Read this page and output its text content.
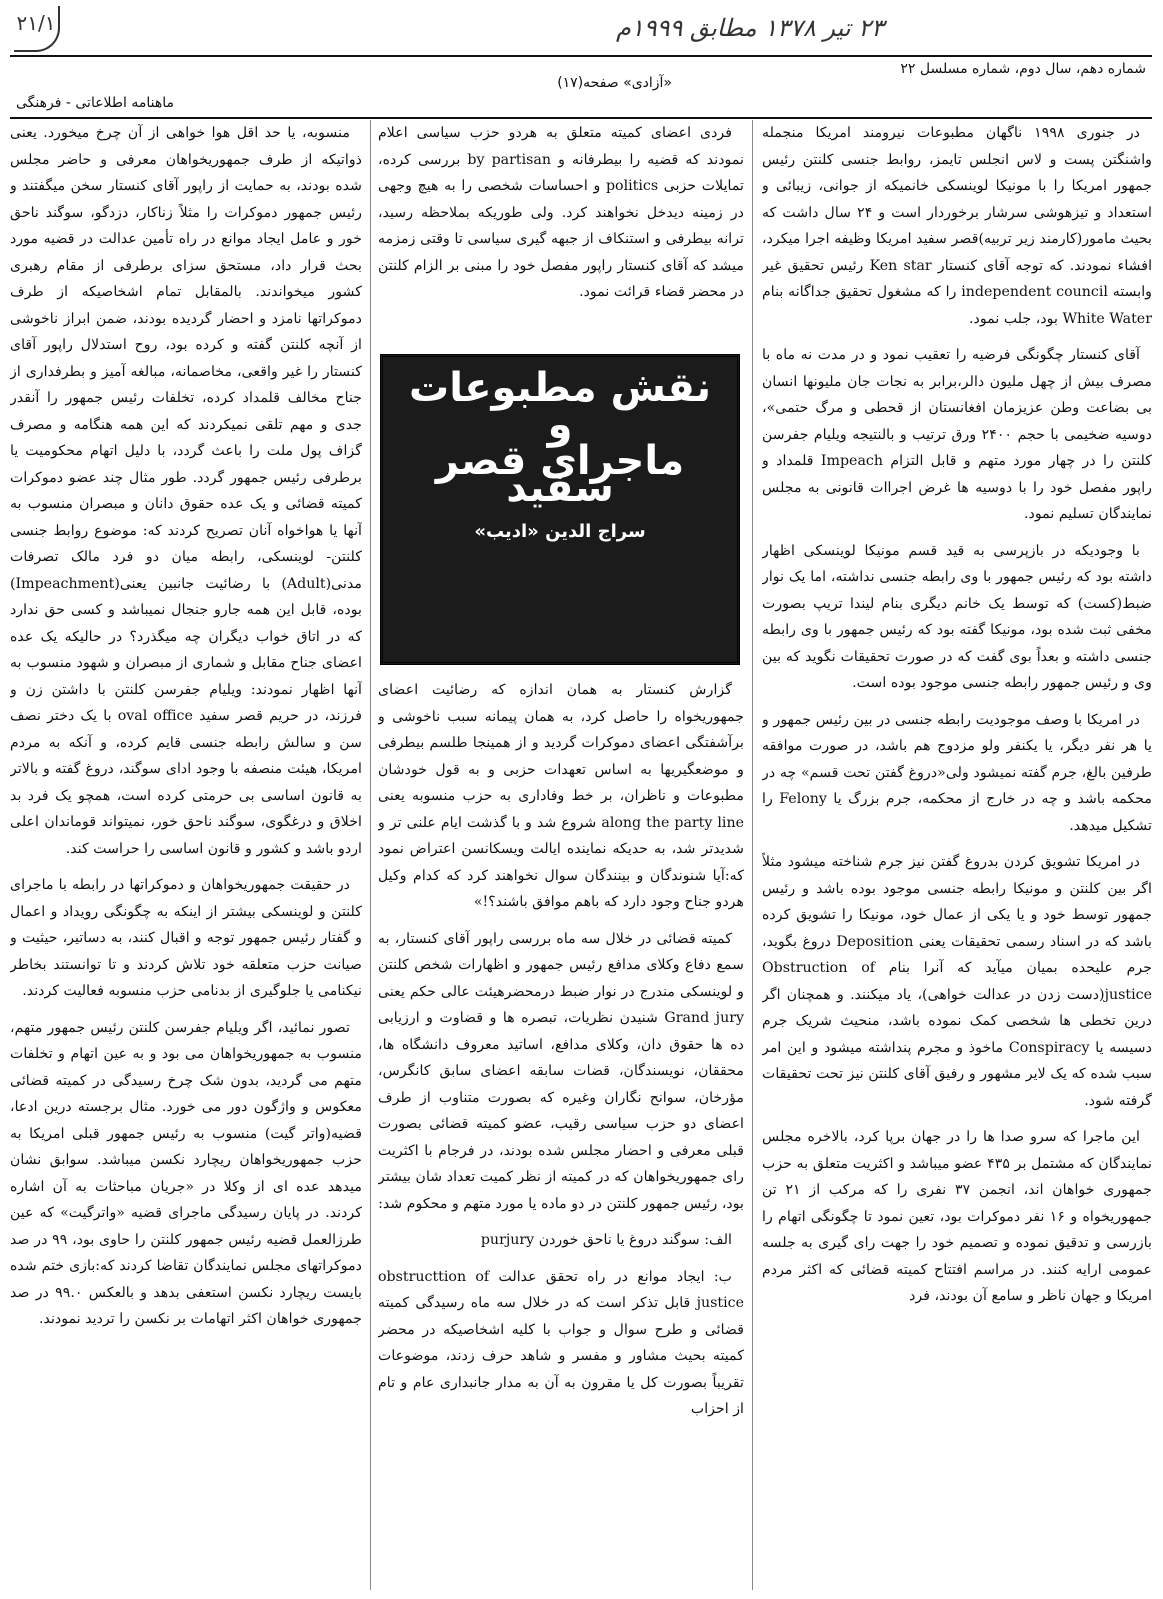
۲۳ تیر ۱۳۷۸ مطابق ۱۹۹۹م
۲۱/۱
شماره دهم، سال دوم، شماره مسلسل ۲۲
«آزادی» صفحه(۱۷)
ماهنامه اطلاعاتی - فرهنگی

در جنوری ۱۹۹۸ ناگهان مطبوعات نیرومند امریکا منجمله واشنگتن پست و لاس انجلس تایمز، روابط جنسی کلنتن رئیس جمهور امریکا را با مونیکا لوینسکی خانمیکه از جوانی، زیبائی و استعداد و تیزهوشی سرشار برخوردار است و ۲۴ سال داشت که بحیث مامور(کارمند زیر تربیه)قصر سفید امریکا وظیفه اجرا میکرد، افشاء نمودند. که توجه آقای کنستار Ken star رئیس تحقیق غیر وابسته independent council را که مشغول تحقیق جداگانه بنام White Water بود، جلب نمود.

آقای کنستار چگونگی فرضیه را تعقیب نمود و در مدت نه ماه با مصرف بیش از چهل ملیون دالر،برابر به نجات جان ملیونها انسان بی بضاعت وطن عزیزمان افغانستان از قحطی و مرگ حتمی»، دوسیه ضخیمی با حجم ۲۴۰۰ ورق ترتیب و بالنتیجه ویلیام جفرسن کلنتن را در چهار مورد متهم و قابل التزام Impeach قلمداد و راپور مفصل خود را با دوسیه ها غرض اجراات قانونی به مجلس نمایندگان تسلیم نمود.

با وجودیکه در بازپرسی به قید قسم مونیکا لوینسکی اظهار داشته بود که رئیس جمهور با وی رابطه جنسی نداشته، اما یک نوار ضبط(کست) که توسط یک خانم دیگری بنام لیندا تریپ بصورت مخفی ثبت شده بود، مونیکا گفته بود که رئیس جمهور با وی رابطه جنسی داشته و بعداً بوی گفت که در صورت تحقیقات نگوید که بین وی و رئیس جمهور رابطه جنسی موجود بوده است.

در امریکا با وصف موجودیت رابطه جنسی در بین رئیس جمهور و یا هر نفر دیگر، یا یکنفر ولو مزدوج هم باشد، در صورت موافقه طرفین بالغ، جرم گفته نمیشود ولی«دروغ گفتن تحت قسم» چه در محکمه باشد و چه در خارج از محکمه، جرم بزرگ یا Felony را تشکیل میدهد.

در امریکا تشویق کردن بدروغ گفتن نیز جرم شناخته میشود مثلاً اگر بین کلنتن و مونیکا رابطه جنسی موجود بوده باشد و رئیس جمهور توسط خود و یا یکی از عمال خود، مونیکا را تشویق کرده باشد که در اسناد رسمی تحقیقات یعنی Deposition دروغ بگوید، جرم علیحده بمیان میآید که آنرا بنام Obstruction of justice(دست زدن در عدالت خواهی)، یاد میکنند. و همچنان اگر درین تخطی ها شخصی کمک نموده باشد، منحیث شریک جرم دسیسه یا Conspiracy ماخوذ و مجرم پنداشته میشود و این امر سبب شده که یک لایر مشهور و رفیق آقای کلنتن نیز تحت تحقیقات گرفته شود.

این ماجرا که سرو صدا ها را در جهان برپا کرد، بالاخره مجلس نمایندگان که مشتمل بر ۴۳۵ عضو میباشد و اکثریت متعلق به حزب جمهوری خواهان اند، انجمن ۳۷ نفری را که مرکب از ۲۱ تن جمهوریخواه و ۱۶ نفر دموکرات بود، تعین نمود تا چگونگی اتهام را بازرسی و تدقیق نموده و تصمیم خود را جهت رای گیری به جلسه عمومی ارایه کنند. در مراسم افتتاح کمیته قضائی که اکثر مردم امریکا و جهان ناظر و سامع آن بودند، فرد

فردی اعضای کمیته متعلق به هردو حزب سیاسی اعلام نمودند که قضیه را بیطرفانه و by partisan بررسی کرده، تمایلات حزبی politics و احساسات شخصی را به هیچ وجهی در زمینه دیدخل نخواهند کرد. ولی طوریکه بملاحظه رسید، ترانه بیطرفی و استنکاف از جبهه گیری سیاسی تا وقتی زمزمه میشد که آقای کنستار راپور مفصل خود را مبنی بر الزام کلنتن در محضر قضاء قرائت نمود.

نقش مطبوعات
و
ماجرای قصر سفید
سراج الدین «ادیب»

گزارش کنستار به همان اندازه که رضائیت اعضای جمهوریخواه را حاصل کرد، به همان پیمانه سبب ناخوشی و برآشفتگی اعضای دموکرات گردید و از همینجا طلسم بیطرفی و موضعگیریها به اساس تعهدات حزبی و به قول خودشان مطبوعات و ناظران، بر خط وفاداری به حزب منسوبه یعنی along the party line شروع شد و با گذشت ایام علنی تر و شدیدتر شد، به حدیکه نماینده ایالت ویسکانسن اعتراض نمود که:آیا شنوندگان و بینندگان سوال نخواهند کرد که کدام وکیل هردو جناح وجود دارد که باهم موافق باشند؟!»

کمیته قضائی در خلال سه ماه بررسی راپور آقای کنستار، به سمع دفاع وکلای مدافع رئیس جمهور و اظهارات شخص کلنتن و لوینسکی مندرج در نوار ضبط درمحضرهیئت عالی حکم یعنی Grand jury شنیدن نظریات، تبصره ها و قضاوت و ارزیابی ده ها حقوق دان، وکلای مدافع، اساتید معروف دانشگاه ها، محققان، نویسندگان، قضات سابقه اعضای سابق کانگرس، مؤرخان، سوانح نگاران وغیره که بصورت متناوب از طرف اعضای دو حزب سیاسی رقیب، عضو کمیته قضائی بصورت قبلی معرفی و احضار مجلس شده بودند، در فرجام با اکثریت رای جمهوریخواهان که در کمیته از نظر کمیت تعداد شان بیشتر بود، رئیس جمهور کلنتن در دو ماده یا مورد متهم و محکوم شد:

الف: سوگند دروغ یا ناحق خوردن purjury

ب: ایجاد موانع در راه تحقق عدالت obstructtion of justice قابل تذکر است که در خلال سه ماه رسیدگی کمیته قضائی و طرح سوال و جواب با کلیه اشخاصیکه در محضر کمیته بحیث مشاور و مفسر و شاهد حرف زدند، موضوعات تقریباً بصورت کل یا مقرون به آن به مدار جانبداری عام و تام از احزاب

منسوبه، یا حد اقل هوا خواهی از آن چرخ میخورد. یعنی ذواتیکه از طرف جمهوریخواهان معرفی و حاضر مجلس شده بودند، به حمایت از راپور آقای کنستار سخن میگفتند و رئیس جمهور دموکرات را مثلاً زناکار، دزدگو، سوگند ناحق خور و عامل ایجاد موانع در راه تأمین عدالت در قضیه مورد بحث قرار داد، مستحق سزای برطرفی از مقام رهبری کشور میخواندند. بالمقابل تمام اشخاصیکه از طرف دموکراتها نامزد و احضار گردیده بودند، ضمن ابراز ناخوشی از آنچه کلنتن گفته و کرده بود، روح استدلال راپور آقای کنستار را غیر واقعی، مخاصمانه، مبالغه آمیز و بطرفداری از جناح مخالف قلمداد کرده، تخلفات رئیس جمهور را آنقدر جدی و مهم تلقی نمیکردند که این همه هنگامه و مصرف گزاف پول ملت را باعث گردد، با دلیل اتهام محکومیت یا برطرفی رئیس جمهور گردد. طور مثال چند عضو دموکرات کمیته قضائی و یک عده حقوق دانان و مبصران منسوب به آنها یا هواخواه آنان تصریح کردند که: موضوع روابط جنسی کلنتن- لوینسکی، رابطه میان دو فرد مالک تصرفات مدنی(Adult) با رضائیت جانبین یعنی(Impeachment) بوده، قابل این همه جارو جنجال نمیباشد و کسی حق ندارد که در اتاق خواب دیگران چه میگذرد؟ در حالیکه یک عده اعضای جناح مقابل و شماری از مبصران و شهود منسوب به آنها اظهار نمودند: ویلیام جفرسن کلنتن با داشتن زن و فرزند، در حریم قصر سفید oval office با یک دختر نصف سن و سالش رابطه جنسی قایم کرده، و آنکه به مردم امریکا، هیئت منصفه با وجود ادای سوگند، دروغ گفته و بالاتر به قانون اساسی بی حرمتی کرده است، همچو یک فرد بد اخلاق و درغگوی، سوگند ناحق خور، نمیتواند قوماندان اعلی اردو باشد و کشور و قانون اساسی را حراست کند.

در حقیقت جمهوریخواهان و دموکراتها در رابطه با ماجرای کلنتن و لوینسکی بیشتر از اینکه به چگونگی رویداد و اعمال و گفتار رئیس جمهور توجه و اقبال کنند، به دساتیر، حیثیت و صیانت حزب متعلقه خود تلاش کردند و تا توانستند بخاطر نیکنامی یا جلوگیری از بدنامی حزب منسوبه فعالیت کردند.

تصور نمائید، اگر ویلیام جفرسن کلنتن رئیس جمهور متهم، منسوب به جمهوریخواهان می بود و به عین اتهام و تخلفات متهم می گردید، بدون شک چرخ رسیدگی در کمیته قضائی معکوس و واژگون دور می خورد. مثال برجسته درین ادعا، قضیه(واتر گیت) منسوب به رئیس جمهور قبلی امریکا به حزب جمهوریخواهان ریچارد نکسن میباشد. سوابق نشان میدهد عده ای از وکلا در «جریان مباحثات به آن اشاره کردند. در پایان رسیدگی ماجرای قضیه «واترگیت» که عین طرزالعمل قضیه رئیس جمهور کلنتن را حاوی بود، ۹۹ در صد دموکراتهای مجلس نمایندگان تقاضا کردند که:بازی ختم شده بایست ریچارد نکسن استعفی بدهد و بالعکس ۹۹.۰ در صد جمهوری خواهان اکثر اتهامات بر نکسن را تردید نمودند.
